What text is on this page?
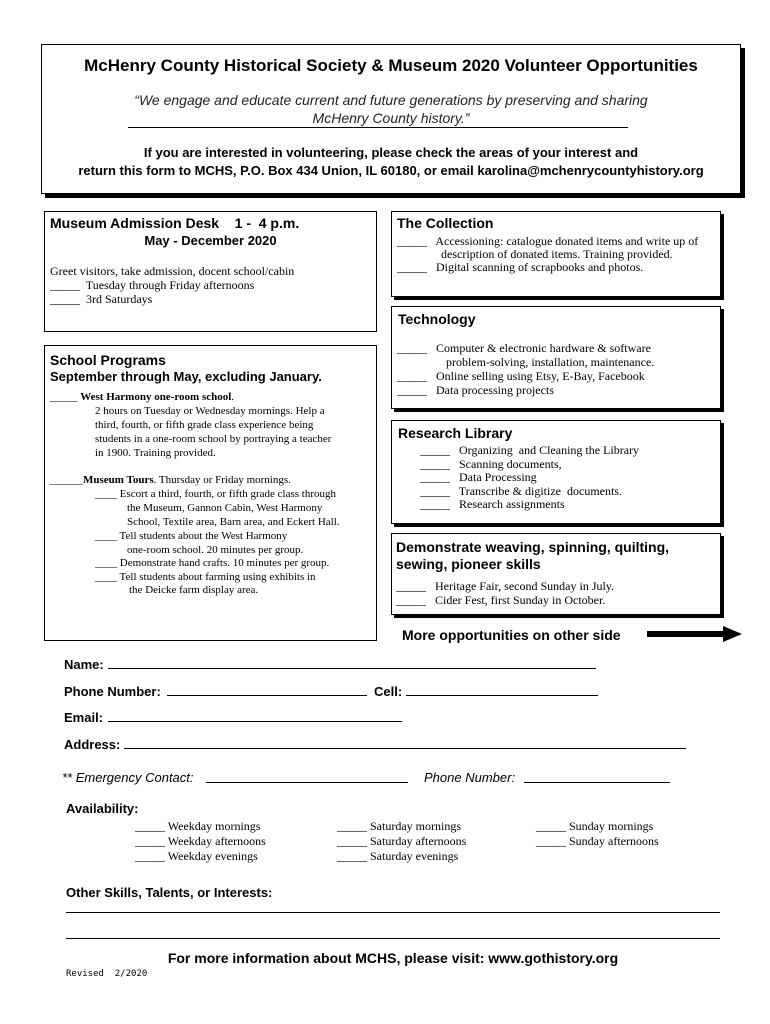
McHenry County Historical Society & Museum 2020 Volunteer Opportunities
“We engage and educate current and future generations by preserving and sharing
McHenry County history.”
If you are interested in volunteering, please check the areas of your interest and
return this form to MCHS, P.O. Box 434 Union, IL 60180, or email karolina@mchenrycountyhistory.org
Museum Admission Desk    1 -  4 p.m.
May - December 2020
Greet visitors, take admission, docent school/cabin
_____  Tuesday through Friday afternoons
_____  3rd Saturdays
The Collection
_____   Accessioning: catalogue donated items and write up of
description of donated items. Training provided.
_____   Digital scanning of scrapbooks and photos.
Technology
_____   Computer & electronic hardware & software
problem-solving, installation, maintenance.
_____   Online selling using Etsy, E-Bay, Facebook
_____   Data processing projects
School Programs
September through May, excluding January.
_____ West Harmony one-room school.
2 hours on Tuesday or Wednesday mornings. Help a
third, fourth, or fifth grade class experience being
students in a one-room school by portraying a teacher
in 1900. Training provided.
______Museum Tours. Thursday or Friday mornings.
____ Escort a third, fourth, or fifth grade class through
the Museum, Gannon Cabin, West Harmony
School, Textile area, Barn area, and Eckert Hall.
____ Tell students about the West Harmony
one-room school. 20 minutes per group.
____ Demonstrate hand crafts. 10 minutes per group.
____ Tell students about farming using exhibits in
the Deicke farm display area.
Research Library
_____   Organizing  and Cleaning the Library
_____   Scanning documents,
_____   Data Processing
_____   Transcribe & digitize  documents.
_____   Research assignments
Demonstrate weaving, spinning, quilting,
sewing, pioneer skills
_____   Heritage Fair, second Sunday in July.
_____   Cider Fest, first Sunday in October.
More opportunities on other side
Name:
Phone Number:	Cell:
Email:
Address:
** Emergency Contact:	Phone Number:
Availability:
_____ Weekday mornings
_____ Weekday afternoons
_____ Weekday evenings
_____ Saturday mornings
_____ Saturday afternoons
_____ Saturday evenings
_____ Sunday mornings
_____ Sunday afternoons
Other Skills, Talents, or Interests:
For more information about MCHS, please visit: www.gothistory.org
Revised  2/2020
